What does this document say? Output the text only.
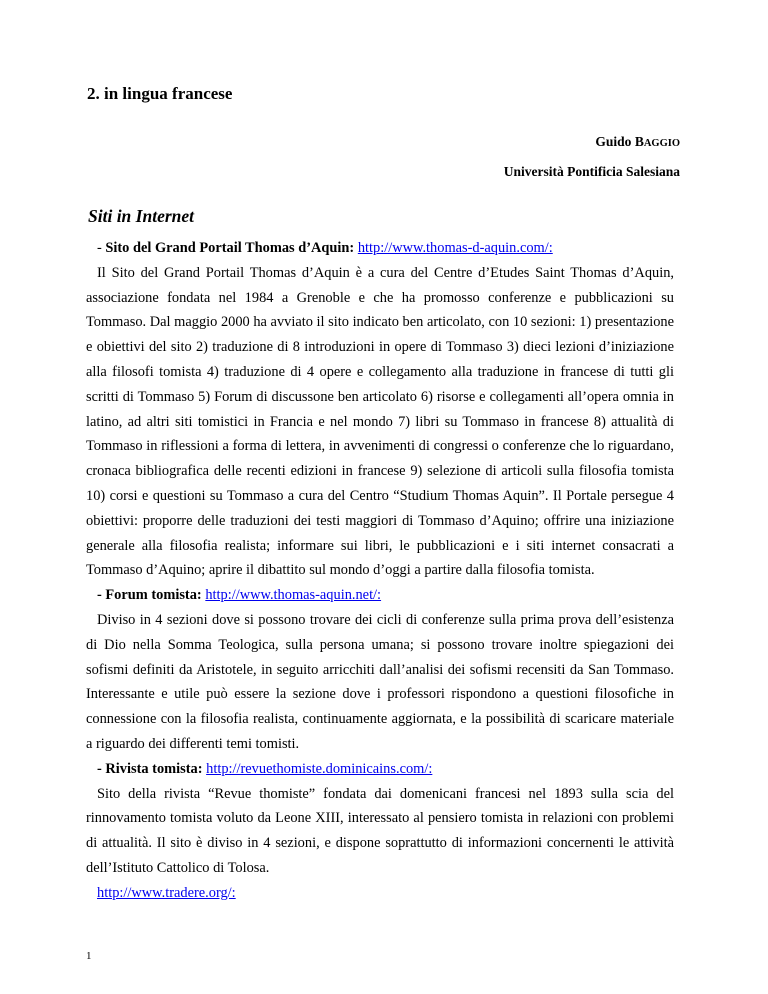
2. in lingua francese
Guido BAGGIO
Università Pontificia Salesiana
Siti in Internet

- Sito del Grand Portail Thomas d’Aquin: http://www.thomas-d-aquin.com/:

Il Sito del Grand Portail Thomas d’Aquin è a cura del Centre d’Etudes Saint Thomas d’Aquin, associazione fondata nel 1984 a Grenoble e che ha promosso conferenze e pubblicazioni su Tommaso. Dal maggio 2000 ha avviato il sito indicato ben articolato, con 10 sezioni: 1) presentazione e obiettivi del sito 2) traduzione di 8 introduzioni in opere di Tommaso 3) dieci lezioni d’iniziazione alla filosofi tomista 4) traduzione di 4 opere e collegamento alla traduzione in francese di tutti gli scritti di Tommaso 5) Forum di discussone ben articolato 6) risorse e collegamenti all’opera omnia in latino, ad altri siti tomistici in Francia e nel mondo 7) libri su Tommaso in francese 8) attualità di Tommaso in riflessioni a forma di lettera, in avvenimenti di congressi o conferenze che lo riguardano, cronaca bibliografica delle recenti edizioni in francese 9) selezione di articoli sulla filosofia tomista 10) corsi e questioni su Tommaso a cura del Centro “Studium Thomas Aquin”. Il Portale persegue 4 obiettivi: proporre delle traduzioni dei testi maggiori di Tommaso d’Aquino; offrire una iniziazione generale alla filosofia realista; informare sui libri, le pubblicazioni e i siti internet consacrati a Tommaso d’Aquino; aprire il dibattito sul mondo d’oggi a partire dalla filosofia tomista.

- Forum tomista: http://www.thomas-aquin.net/:

Diviso in 4 sezioni dove si possono trovare dei cicli di conferenze sulla prima prova dell’esistenza di Dio nella Somma Teologica, sulla persona umana; si possono trovare inoltre spiegazioni dei sofismi definiti da Aristotele, in seguito arricchiti dall’analisi dei sofismi recensiti da San Tommaso. Interessante e utile può essere la sezione dove i professori rispondono a questioni filosofiche in connessione con la filosofia realista, continuamente aggiornata, e la possibilità di scaricare materiale a riguardo dei differenti temi tomisti.

- Rivista tomista: http://revuethomiste.dominicains.com/:

Sito della rivista “Revue thomiste” fondata dai domenicani francesi nel 1893 sulla scia del rinnovamento tomista voluto da Leone XIII, interessato al pensiero tomista in relazioni con problemi di attualità. Il sito è diviso in 4 sezioni, e dispone soprattutto di informazioni concernenti le attività dell’Istituto Cattolico di Tolosa.

http://www.tradere.org/:

1
